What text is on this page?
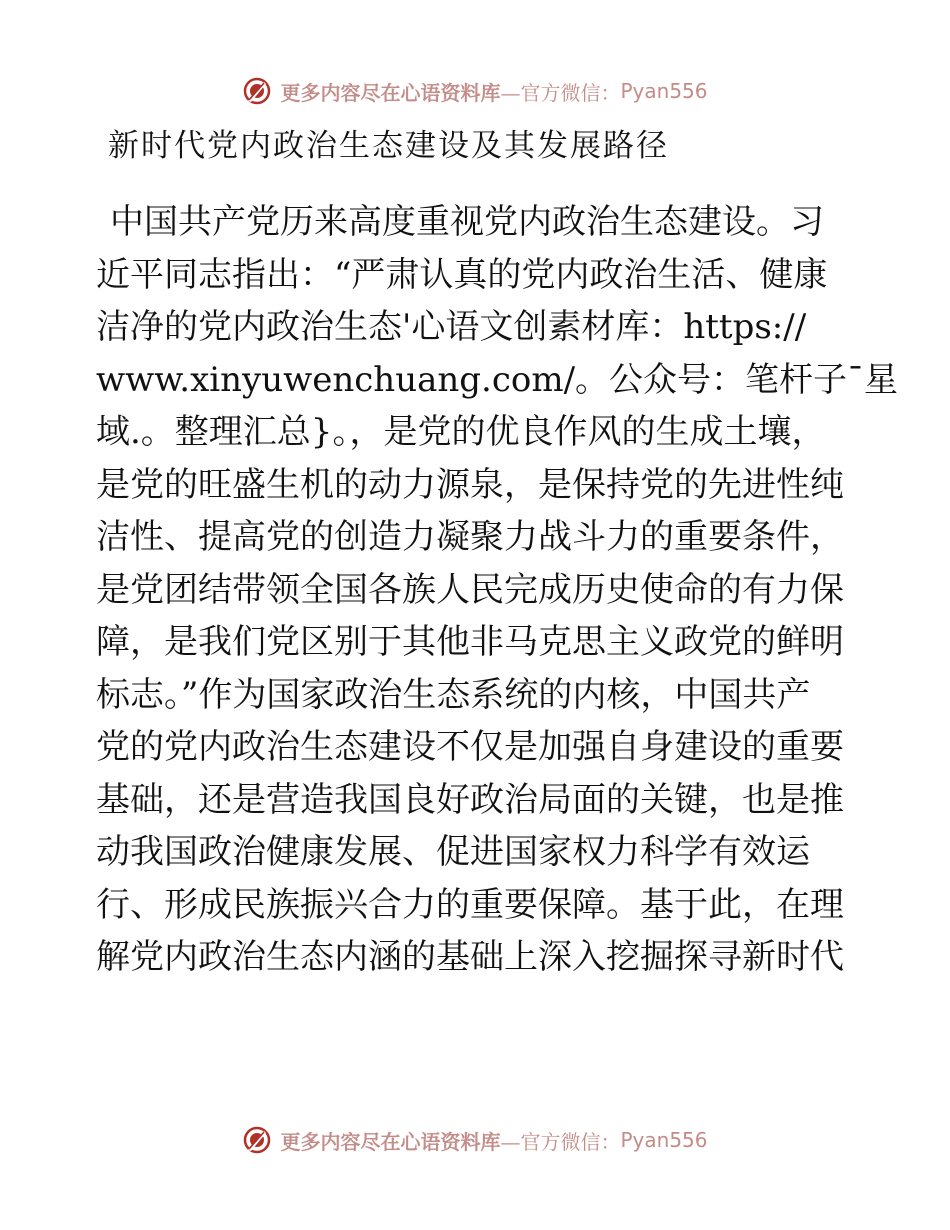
更多内容尽在心语资料库 —官方微信： Pyan556
新时代党内政治生态建设及其发展路径
中国共产党历来高度重视党内政治生态建设。习
近平同志指出：“严肃认真的党内政治生活、健康
洁净的党内政治生态'心语文创素材库：https://
www.xinyuwenchuang.com/。公众号：笔杆子¯星
域.。整理汇总}。，是党的优良作风的生成土壤，
是党的旺盛生机的动力源泉，是保持党的先进性纯
洁性、提高党的创造力凝聚力战斗力的重要条件，
是党团结带领全国各族人民完成历史使命的有力保
障，是我们党区别于其他非马克思主义政党的鲜明
标志。”作为国家政治生态系统的内核，中国共产
党的党内政治生态建设不仅是加强自身建设的重要
基础，还是营造我国良好政治局面的关键，也是推
动我国政治健康发展、促进国家权力科学有效运
行、形成民族振兴合力的重要保障。基于此，在理
解党内政治生态内涵的基础上深入挖掘探寻新时代
更多内容尽在心语资料库 —官方微信： Pyan556
